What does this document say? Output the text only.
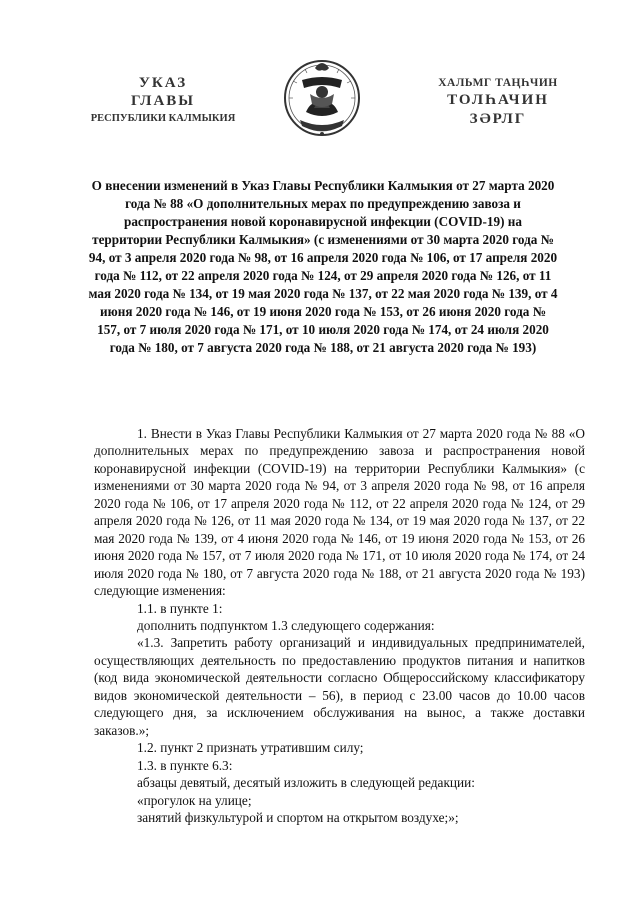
УКАЗ
ГЛАВЫ
РЕСПУБЛИКИ КАЛМЫКИЯ
ХАЛЬМГ ТАҢҺЧИН
ТОЛҺАЧИН
ЗӘРЛГ
О внесении изменений в Указ Главы Республики Калмыкия от 27 марта 2020 года № 88 «О дополнительных мерах по предупреждению завоза и распространения новой коронавирусной инфекции (COVID-19) на территории Республики Калмыкия» (с изменениями от 30 марта 2020 года № 94, от 3 апреля 2020 года № 98, от 16 апреля 2020 года № 106, от 17 апреля 2020 года № 112, от 22 апреля 2020 года № 124, от 29 апреля 2020 года № 126, от 11 мая 2020 года № 134, от 19 мая 2020 года № 137, от 22 мая 2020 года № 139, от 4 июня 2020 года № 146, от 19 июня 2020 года № 153, от 26 июня 2020 года № 157, от 7 июля 2020 года № 171, от 10 июля 2020 года № 174, от 24 июля 2020 года № 180, от 7 августа 2020 года № 188, от 21 августа 2020 года № 193)

1. Внести в Указ Главы Республики Калмыкия от 27 марта 2020 года № 88 «О дополнительных мерах по предупреждению завоза и распространения новой коронавирусной инфекции (COVID-19) на территории Республики Калмыкия» (с изменениями от 30 марта 2020 года № 94, от 3 апреля 2020 года № 98, от 16 апреля 2020 года № 106, от 17 апреля 2020 года № 112, от 22 апреля 2020 года № 124, от 29 апреля 2020 года № 126, от 11 мая 2020 года № 134, от 19 мая 2020 года № 137, от 22 мая 2020 года № 139, от 4 июня 2020 года № 146, от 19 июня 2020 года № 153, от 26 июня 2020 года № 157, от 7 июля 2020 года № 171, от 10 июля 2020 года № 174, от 24 июля 2020 года № 180, от 7 августа 2020 года № 188, от 21 августа 2020 года № 193) следующие изменения:

1.1. в пункте 1:

дополнить подпунктом 1.3 следующего содержания:

«1.3. Запретить работу организаций и индивидуальных предпринимателей, осуществляющих деятельность по предоставлению продуктов питания и напитков (код вида экономической деятельности согласно Общероссийскому классификатору видов экономической деятельности – 56), в период с 23.00 часов до 10.00 часов следующего дня, за исключением обслуживания на вынос, а также доставки заказов.»;

1.2. пункт 2 признать утратившим силу;

1.3. в пункте 6.3:

абзацы девятый, десятый изложить в следующей редакции:

«прогулок на улице;

занятий физкультурой и спортом на открытом воздухе;»;
